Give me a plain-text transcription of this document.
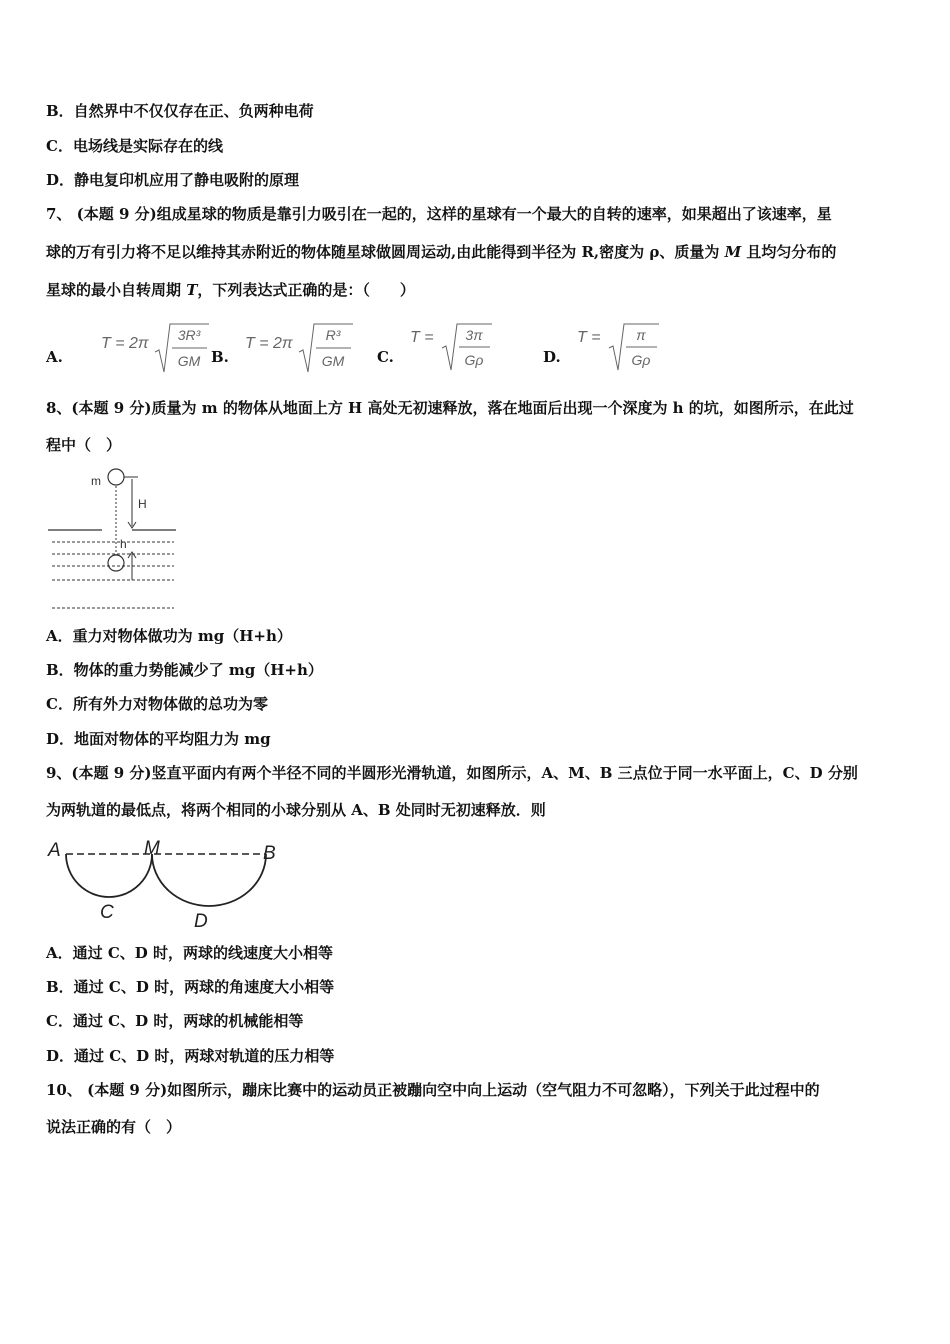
B．自然界中不仅仅存在正、负两种电荷
C．电场线是实际存在的线
D．静电复印机应用了静电吸附的原理
7、 (本题 9 分)组成星球的物质是靠引力吸引在一起的，这样的星球有一个最大的自转的速率，如果超出了该速率，星
球的万有引力将不足以维持其赤附近的物体随星球做圆周运动,由此能得到半径为 R,密度为 ρ、质量为 M 且均匀分布的
星球的最小自转周期 T，下列表达式正确的是：（　　）
A.
T = 2π 3R³
GM B.
T = 2π R³
GM C.
T = 3π
Gρ	D.
T =	π
Gρ
8、(本题 9 分)质量为 m 的物体从地面上方 H 高处无初速释放，落在地面后出现一个深度为 h 的坑，如图所示，在此过
程中（　）
m
H
h
A．重力对物体做功为 mg（H+h）
B．物体的重力势能减少了 mg（H+h）
C．所有外力对物体做的总功为零
D．地面对物体的平均阻力为 mg
9、(本题 9 分)竖直平面内有两个半径不同的半圆形光滑轨道，如图所示，A、M、B 三点位于同一水平面上，C、D 分别
为两轨道的最低点，将两个相同的小球分别从 A、B 处同时无初速释放．则
A	M	B
C	D
A．通过 C、D 时，两球的线速度大小相等
B．通过 C、D 时，两球的角速度大小相等
C．通过 C、D 时，两球的机械能相等
D．通过 C、D 时，两球对轨道的压力相等
10、 (本题 9 分)如图所示，蹦床比赛中的运动员正被蹦向空中向上运动（空气阻力不可忽略），下列关于此过程中的
说法正确的有（　）
